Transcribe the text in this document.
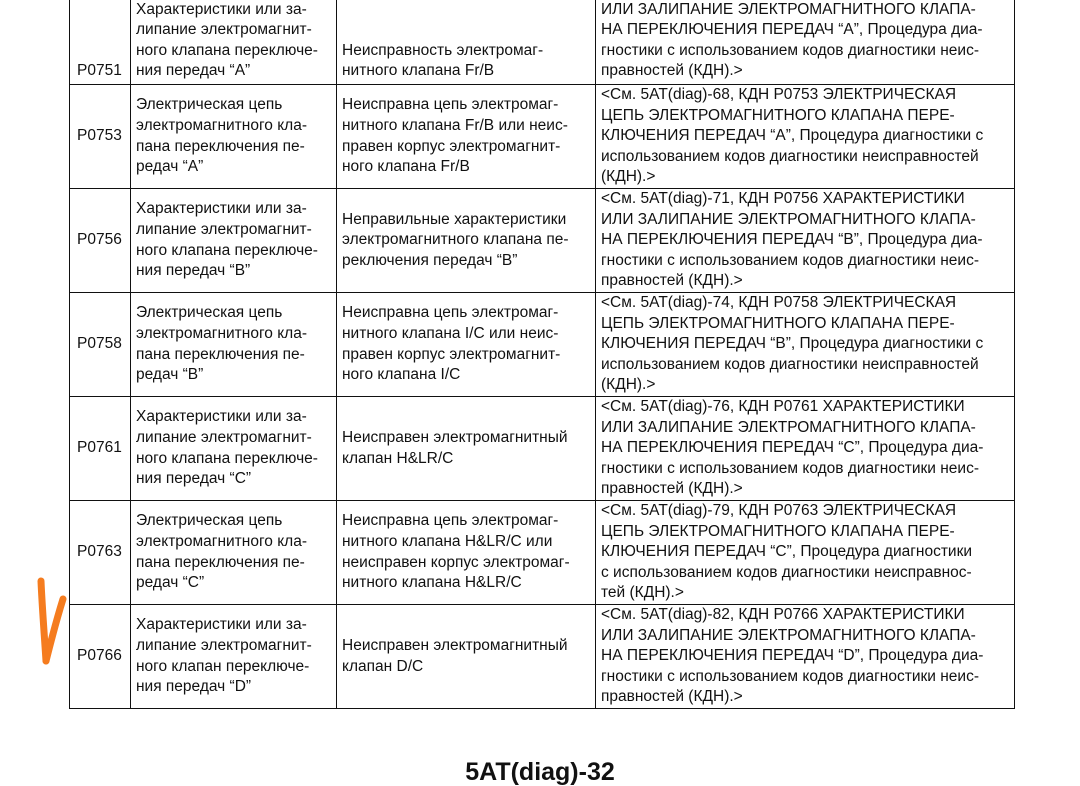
P0751	Характеристики или за-
липание электромагнит-
ного клапана переключе-
ния передач “A”	Неисправность электромаг-
нитного клапана Fr/B	ИЛИ ЗАЛИПАНИЕ ЭЛЕКТРОМАГНИТНОГО КЛАПА-
НА ПЕРЕКЛЮЧЕНИЯ ПЕРЕДАЧ “A”, Процедура диа-
гностики с использованием кодов диагностики неис-
правностей (КДН).>

P0753	Электрическая цепь
электромагнитного кла-
пана переключения пе-
редач “A”	Неисправна цепь электромаг-
нитного клапана Fr/B или неис-
правен корпус электромагнит-
ного клапана Fr/B	<См. 5AT(diag)-68, КДН P0753 ЭЛЕКТРИЧЕСКАЯ
ЦЕПЬ ЭЛЕКТРОМАГНИТНОГО КЛАПАНА ПЕРЕ-
КЛЮЧЕНИЯ ПЕРЕДАЧ “A”, Процедура диагностики с
использованием кодов диагностики неисправностей
(КДН).>

P0756	Характеристики или за-
липание электромагнит-
ного клапана переключе-
ния передач “B”	Неправильные характеристики
электромагнитного клапана пе-
реключения передач “B”	<См. 5AT(diag)-71, КДН P0756 ХАРАКТЕРИСТИКИ
ИЛИ ЗАЛИПАНИЕ ЭЛЕКТРОМАГНИТНОГО КЛАПА-
НА ПЕРЕКЛЮЧЕНИЯ ПЕРЕДАЧ “B”, Процедура диа-
гностики с использованием кодов диагностики неис-
правностей (КДН).>

P0758	Электрическая цепь
электромагнитного кла-
пана переключения пе-
редач “B”	Неисправна цепь электромаг-
нитного клапана I/C или неис-
правен корпус электромагнит-
ного клапана I/C	<См. 5AT(diag)-74, КДН P0758 ЭЛЕКТРИЧЕСКАЯ
ЦЕПЬ ЭЛЕКТРОМАГНИТНОГО КЛАПАНА ПЕРЕ-
КЛЮЧЕНИЯ ПЕРЕДАЧ “B”, Процедура диагностики с
использованием кодов диагностики неисправностей
(КДН).>

P0761	Характеристики или за-
липание электромагнит-
ного клапана переключе-
ния передач “C”	Неисправен электромагнитный
клапан H&LR/C	<См. 5AT(diag)-76, КДН P0761 ХАРАКТЕРИСТИКИ
ИЛИ ЗАЛИПАНИЕ ЭЛЕКТРОМАГНИТНОГО КЛАПА-
НА ПЕРЕКЛЮЧЕНИЯ ПЕРЕДАЧ “C”, Процедура диа-
гностики с использованием кодов диагностики неис-
правностей (КДН).>

P0763	Электрическая цепь
электромагнитного кла-
пана переключения пе-
редач “C”	Неисправна цепь электромаг-
нитного клапана H&LR/C или
неисправен корпус электромаг-
нитного клапана H&LR/C	<См. 5AT(diag)-79, КДН P0763 ЭЛЕКТРИЧЕСКАЯ
ЦЕПЬ ЭЛЕКТРОМАГНИТНОГО КЛАПАНА ПЕРЕ-
КЛЮЧЕНИЯ ПЕРЕДАЧ “C”, Процедура диагностики
с использованием кодов диагностики неисправнос-
тей (КДН).>

P0766	Характеристики или за-
липание электромагнит-
ного клапан переключе-
ния передач “D”	Неисправен электромагнитный
клапан D/C	<См. 5AT(diag)-82, КДН P0766 ХАРАКТЕРИСТИКИ
ИЛИ ЗАЛИПАНИЕ ЭЛЕКТРОМАГНИТНОГО КЛАПА-
НА ПЕРЕКЛЮЧЕНИЯ ПЕРЕДАЧ “D”, Процедура диа-
гностики с использованием кодов диагностики неис-
правностей (КДН).>
5AT(diag)-32
